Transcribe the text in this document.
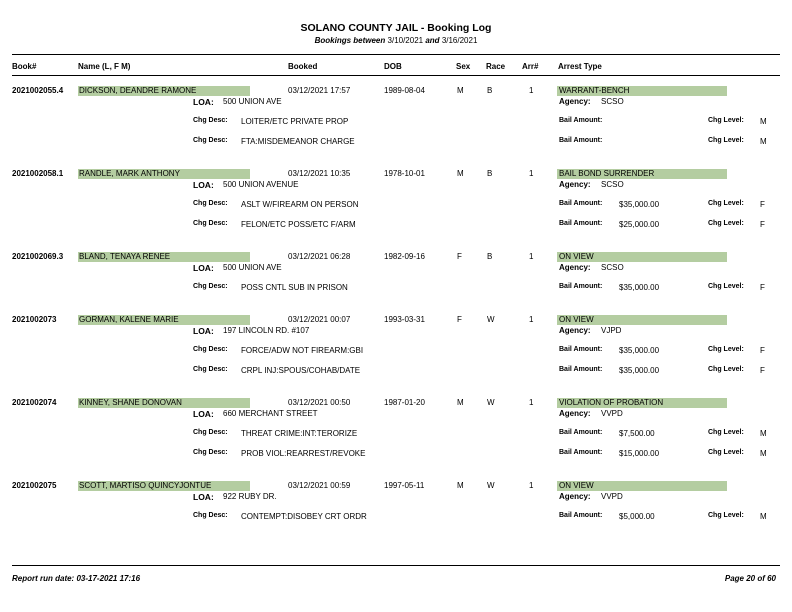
SOLANO COUNTY JAIL - Booking Log
Bookings between 3/10/2021 and 3/16/2021
Book#	Name (L, F M)	Booked	DOB	Sex Race Arr# Arrest Type
2021002055.4 DICKSON, DEANDRE RAMONE	03/12/2021 17:57	1989-08-04	M	B	1	WARRANT-BENCH
LOA: 500 UNION AVE	Agency: SCSO
Chg Desc: LOITER/ETC PRIVATE PROP	Bail Amount:	Chg Level: M
Chg Desc: FTA:MISDEMEANOR CHARGE	Bail Amount:	Chg Level: M
2021002058.1 RANDLE, MARK ANTHONY	03/12/2021 10:35	1978-10-01	M	B	1	BAIL BOND SURRENDER
LOA: 500 UNION AVENUE	Agency: SCSO
Chg Desc: ASLT W/FIREARM ON PERSON	Bail Amount: $35,000.00	Chg Level: F
Chg Desc: FELON/ETC POSS/ETC F/ARM	Bail Amount: $25,000.00	Chg Level: F
2021002069.3 BLAND, TENAYA RENEE	03/12/2021 06:28	1982-09-16	F	B	1	ON VIEW
LOA: 500 UNION AVE	Agency: SCSO
Chg Desc: POSS CNTL SUB IN PRISON	Bail Amount: $35,000.00	Chg Level: F
2021002073	GORMAN, KALENE MARIE	03/12/2021 00:07	1993-03-31	F	W	1	ON VIEW
LOA: 197 LINCOLN RD. #107	Agency: VJPD
Chg Desc: FORCE/ADW NOT FIREARM:GBI	Bail Amount: $35,000.00	Chg Level: F
Chg Desc: CRPL INJ:SPOUS/COHAB/DATE	Bail Amount: $35,000.00	Chg Level: F
2021002074	KINNEY, SHANE DONOVAN	03/12/2021 00:50	1987-01-20	M	W	1	VIOLATION OF PROBATION
LOA: 660 MERCHANT STREET	Agency: VVPD
Chg Desc: THREAT CRIME:INT:TERORIZE	Bail Amount: $7,500.00	Chg Level: M
Chg Desc: PROB VIOL:REARREST/REVOKE	Bail Amount: $15,000.00	Chg Level: M
2021002075	SCOTT, MARTISO QUINCYJONTUE	03/12/2021 00:59	1997-05-11	M	W	1	ON VIEW
LOA: 922 RUBY DR.	Agency: VVPD
Chg Desc: CONTEMPT:DISOBEY CRT ORDR	Bail Amount: $5,000.00	Chg Level: M
Report run date: 03-17-2021 17:16	Page 20 of 60
